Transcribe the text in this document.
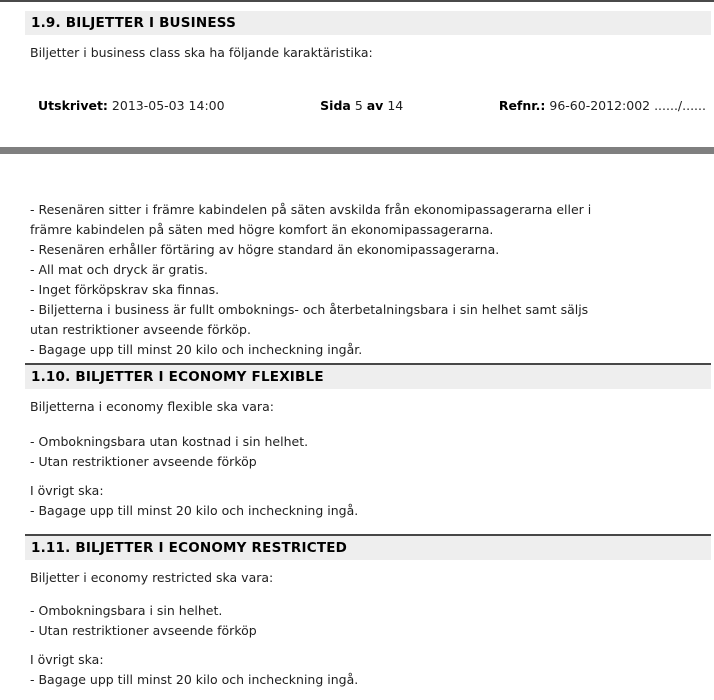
1.9. BILJETTER I BUSINESS
Biljetter i business class ska ha följande karaktäristika:
Utskrivet: 2013-05-03 14:00	Sida 5 av 14	Refnr.: 96-60-2012:002 ....../......
- Resenären sitter i främre kabindelen på säten avskilda från ekonomipassagerarna eller i
främre kabindelen på säten med högre komfort än ekonomipassagerarna.
- Resenären erhåller förtäring av högre standard än ekonomipassagerarna.
- All mat och dryck är gratis.
- Inget förköpskrav ska finnas.
- Biljetterna i business är fullt omboknings- och återbetalningsbara i sin helhet samt säljs
utan restriktioner avseende förköp.
- Bagage upp till minst 20 kilo och incheckning ingår.
1.10. BILJETTER I ECONOMY FLEXIBLE
Biljetterna i economy flexible ska vara:
- Ombokningsbara utan kostnad i sin helhet.
- Utan restriktioner avseende förköp
I övrigt ska:
- Bagage upp till minst 20 kilo och incheckning ingå.
1.11. BILJETTER I ECONOMY RESTRICTED
Biljetter i economy restricted ska vara:
- Ombokningsbara i sin helhet.
- Utan restriktioner avseende förköp
I övrigt ska:
- Bagage upp till minst 20 kilo och incheckning ingå.
